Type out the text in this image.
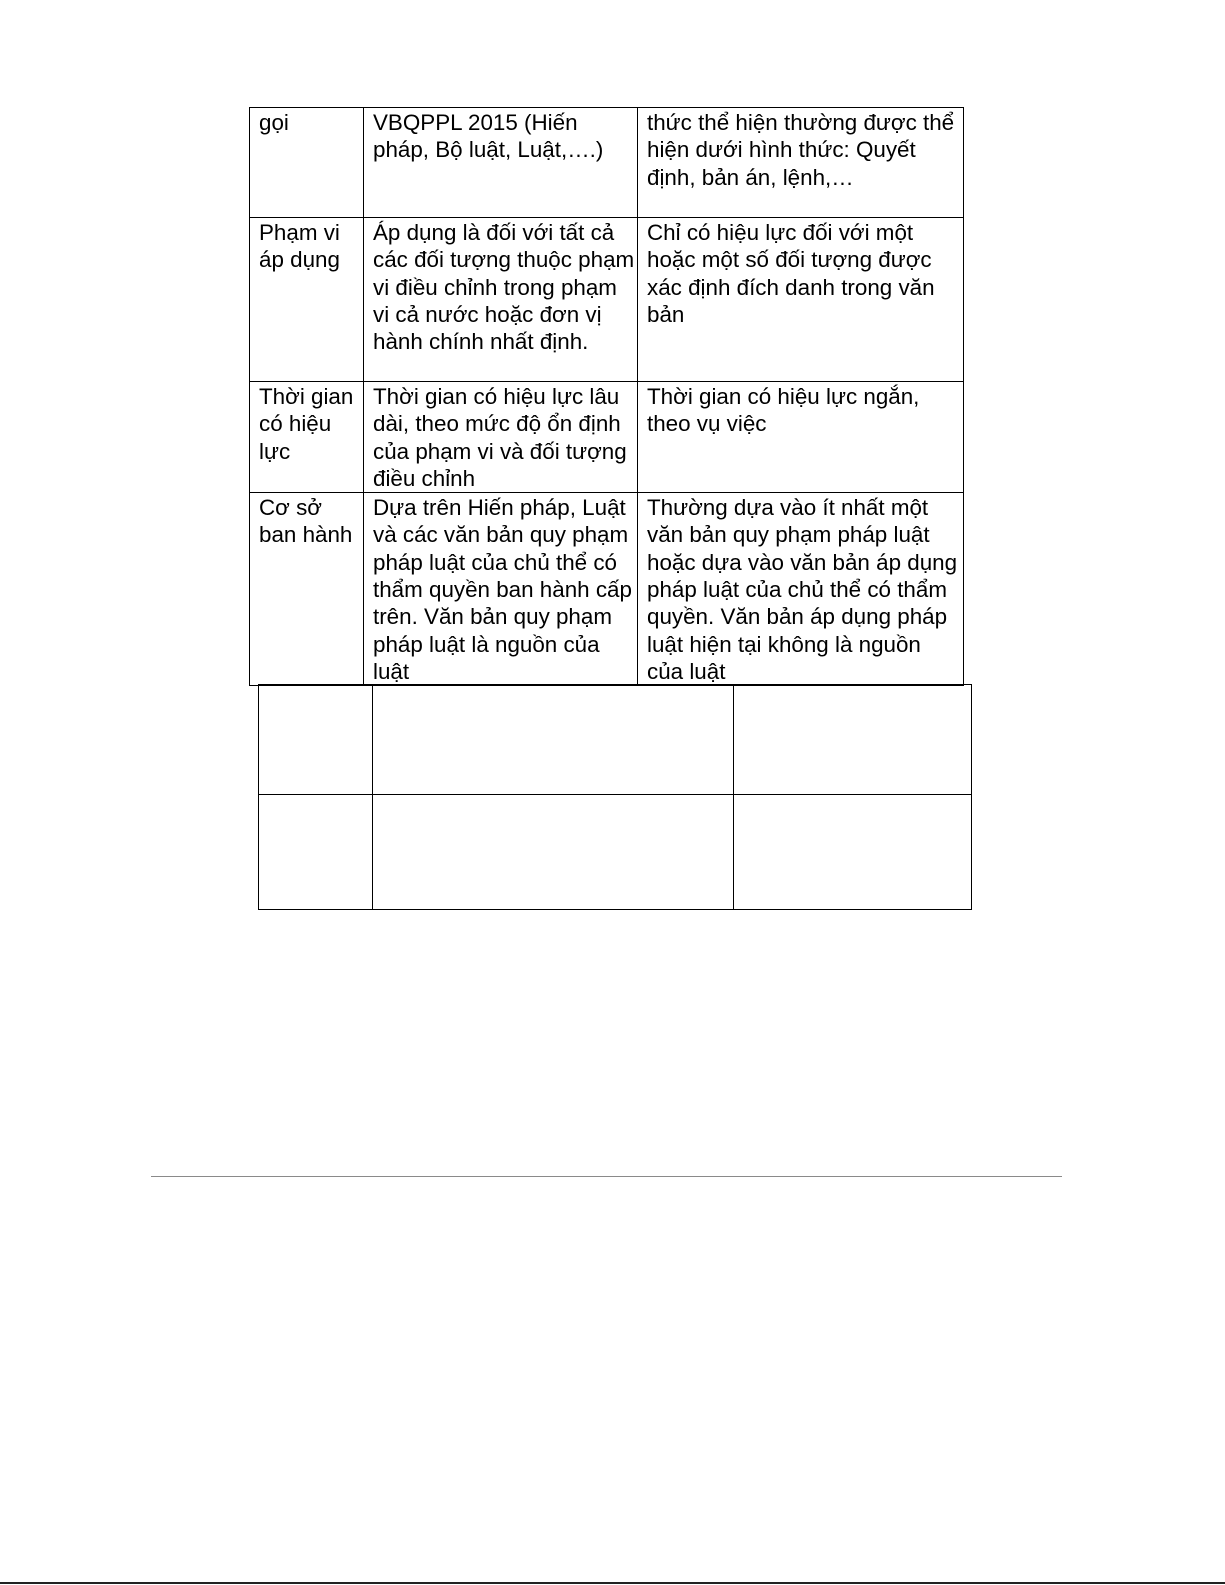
gọi	VBQPPL 2015 (Hiến pháp, Bộ luật, Luật,….)	thức thể hiện thường được thể hiện dưới hình thức: Quyết định, bản án, lệnh,…

Phạm vi áp dụng	Áp dụng là đối với tất cả các đối tượng thuộc phạm vi điều chỉnh trong phạm vi cả nước hoặc đơn vị hành chính nhất định.	Chỉ có hiệu lực đối với một hoặc một số đối tượng được xác định đích danh trong văn bản

Thời gian có hiệu lực	Thời gian có hiệu lực lâu dài, theo mức độ ổn định của phạm vi và đối tượng điều chỉnh	Thời gian có hiệu lực ngắn, theo vụ việc

Cơ sở ban hành	Dựa trên Hiến pháp, Luật và các văn bản quy phạm pháp luật của chủ thể có thẩm quyền ban hành cấp trên. Văn bản quy phạm pháp luật là nguồn của luật	Thường dựa vào ít nhất một văn bản quy phạm pháp luật hoặc dựa vào văn bản áp dụng pháp luật của chủ thể có thẩm quyền. Văn bản áp dụng pháp luật hiện tại không là nguồn của luật
